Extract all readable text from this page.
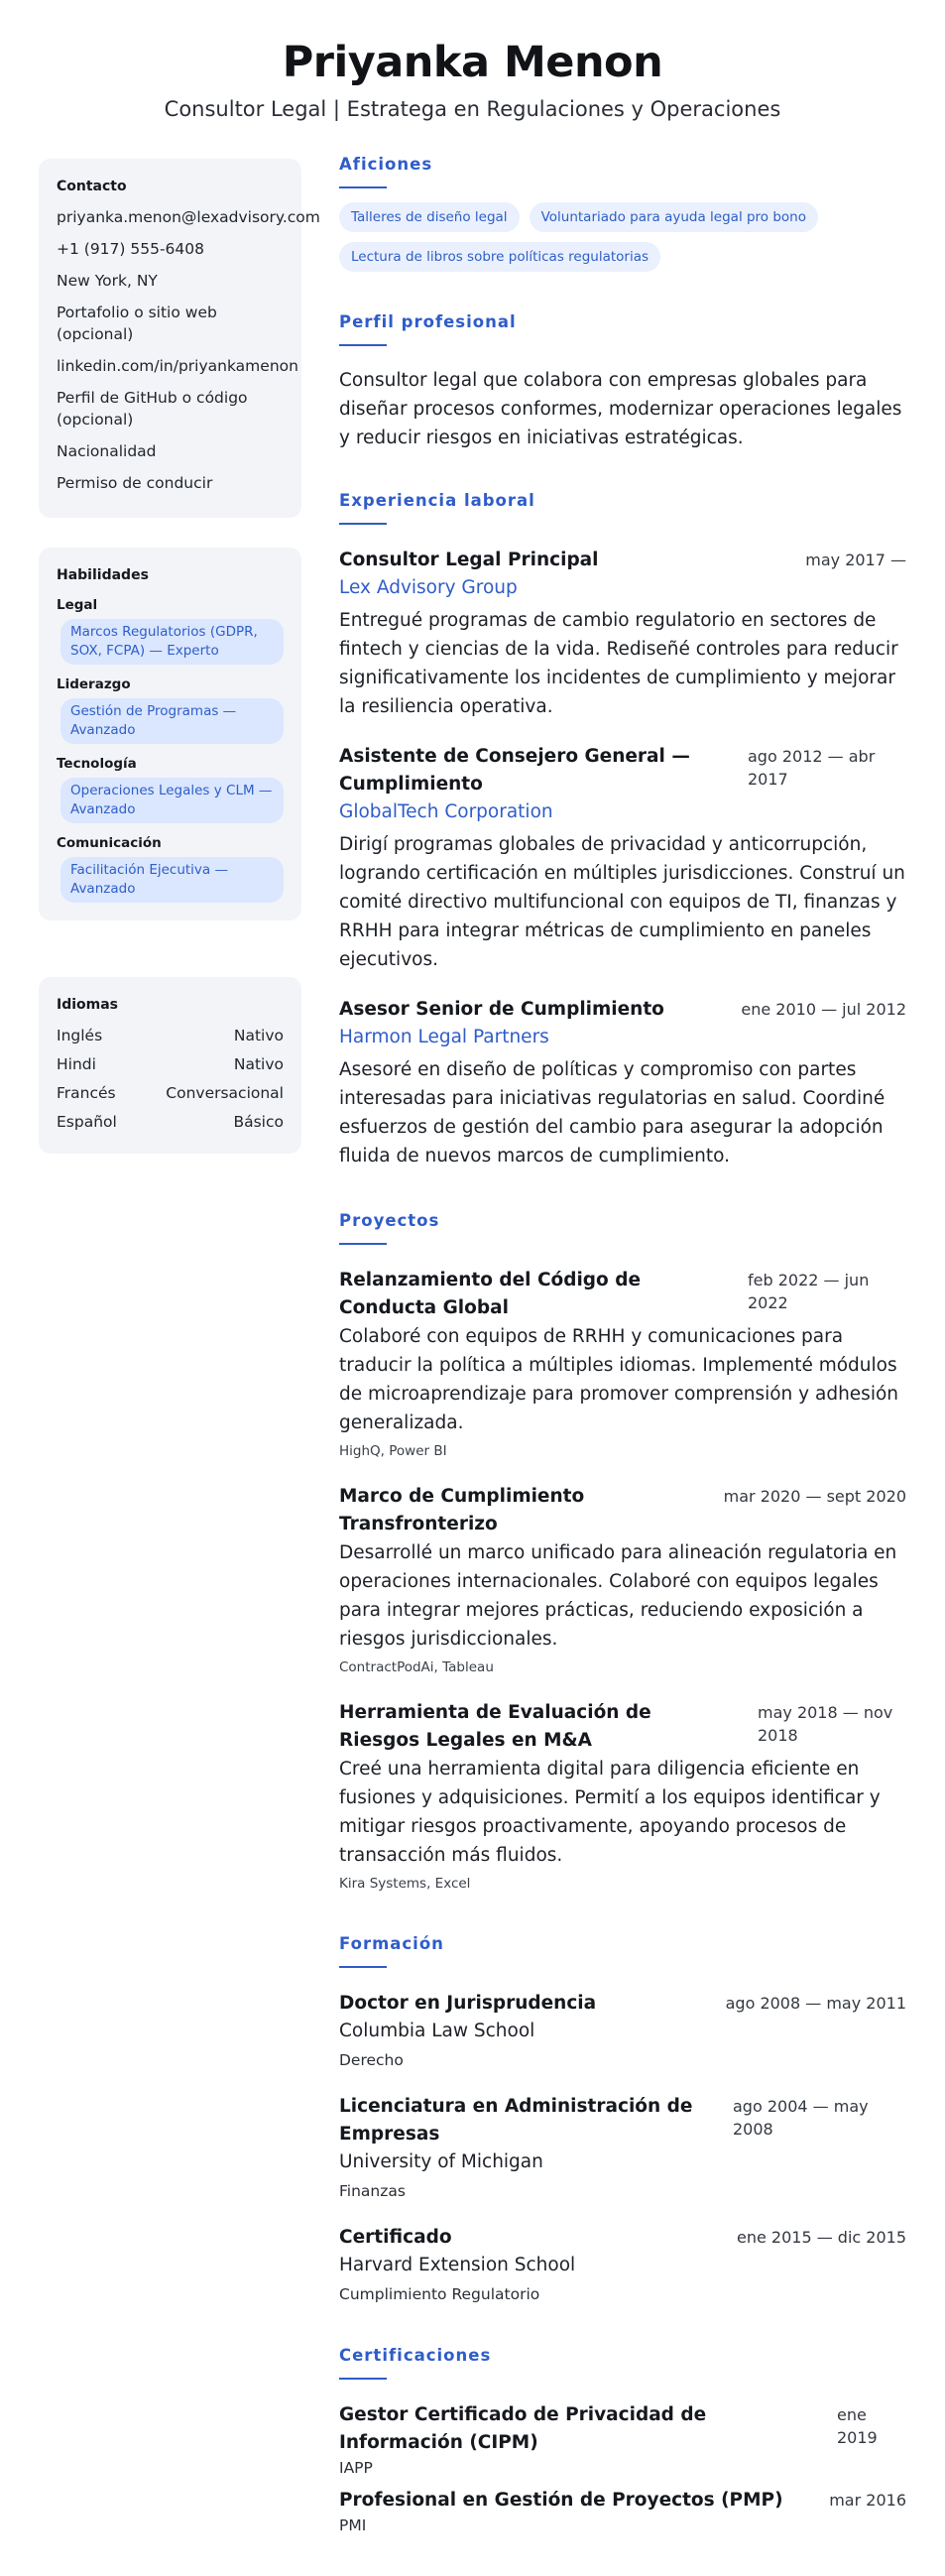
Priyanka Menon
Consultor Legal | Estratega en Regulaciones y Operaciones
Contacto
priyanka.menon@lexadvisory.com
+1 (917) 555-6408
New York, NY
Portafolio o sitio web (opcional)
linkedin.com/in/priyankamenon
Perfil de GitHub o código (opcional)
Nacionalidad
Permiso de conducir
Habilidades
Legal
Marcos Regulatorios (GDPR, SOX, FCPA) — Experto
Liderazgo
Gestión de Programas — Avanzado
Tecnología
Operaciones Legales y CLM — Avanzado
Comunicación
Facilitación Ejecutiva — Avanzado
Idiomas
Inglés	Nativo
Hindi	Nativo
Francés	Conversacional
Español	Básico
Aficiones
Talleres de diseño legal	Voluntariado para ayuda legal pro bono
Lectura de libros sobre políticas regulatorias
Perfil profesional
Consultor legal que colabora con empresas globales para diseñar procesos conformes, modernizar operaciones legales y reducir riesgos en iniciativas estratégicas.
Experiencia laboral
Consultor Legal Principal	may 2017 —
Lex Advisory Group
Entregué programas de cambio regulatorio en sectores de fintech y ciencias de la vida. Rediseñé controles para reducir significativamente los incidentes de cumplimiento y mejorar la resiliencia operativa.
Asistente de Consejero General — Cumplimiento
ago 2012 — abr 2017
GlobalTech Corporation
Dirigí programas globales de privacidad y anticorrupción, logrando certificación en múltiples jurisdicciones. Construí un comité directivo multifuncional con equipos de TI, finanzas y RRHH para integrar métricas de cumplimiento en paneles ejecutivos.
Asesor Senior de Cumplimiento	ene 2010 — jul 2012
Harmon Legal Partners
Asesoré en diseño de políticas y compromiso con partes interesadas para iniciativas regulatorias en salud. Coordiné esfuerzos de gestión del cambio para asegurar la adopción fluida de nuevos marcos de cumplimiento.
Proyectos
Relanzamiento del Código de Conducta Global
feb 2022 — jun 2022
Colaboré con equipos de RRHH y comunicaciones para traducir la política a múltiples idiomas. Implementé módulos de microaprendizaje para promover comprensión y adhesión generalizada.
HighQ, Power BI
Marco de Cumplimiento Transfronterizo
mar 2020 — sept 2020
Desarrollé un marco unificado para alineación regulatoria en operaciones internacionales. Colaboré con equipos legales para integrar mejores prácticas, reduciendo exposición a riesgos jurisdiccionales.
ContractPodAi, Tableau
Herramienta de Evaluación de Riesgos Legales en M&A
may 2018 — nov 2018
Creé una herramienta digital para diligencia eficiente en fusiones y adquisiciones. Permití a los equipos identificar y mitigar riesgos proactivamente, apoyando procesos de transacción más fluidos.
Kira Systems, Excel
Formación
Doctor en Jurisprudencia	ago 2008 — may 2011
Columbia Law School
Derecho
Licenciatura en Administración de Empresas
ago 2004 — may 2008
University of Michigan
Finanzas
Certificado	ene 2015 — dic 2015
Harvard Extension School
Cumplimiento Regulatorio
Certificaciones
Gestor Certificado de Privacidad de Información (CIPM)
ene 2019
IAPP
Profesional en Gestión de Proyectos (PMP)	mar 2016
PMI
